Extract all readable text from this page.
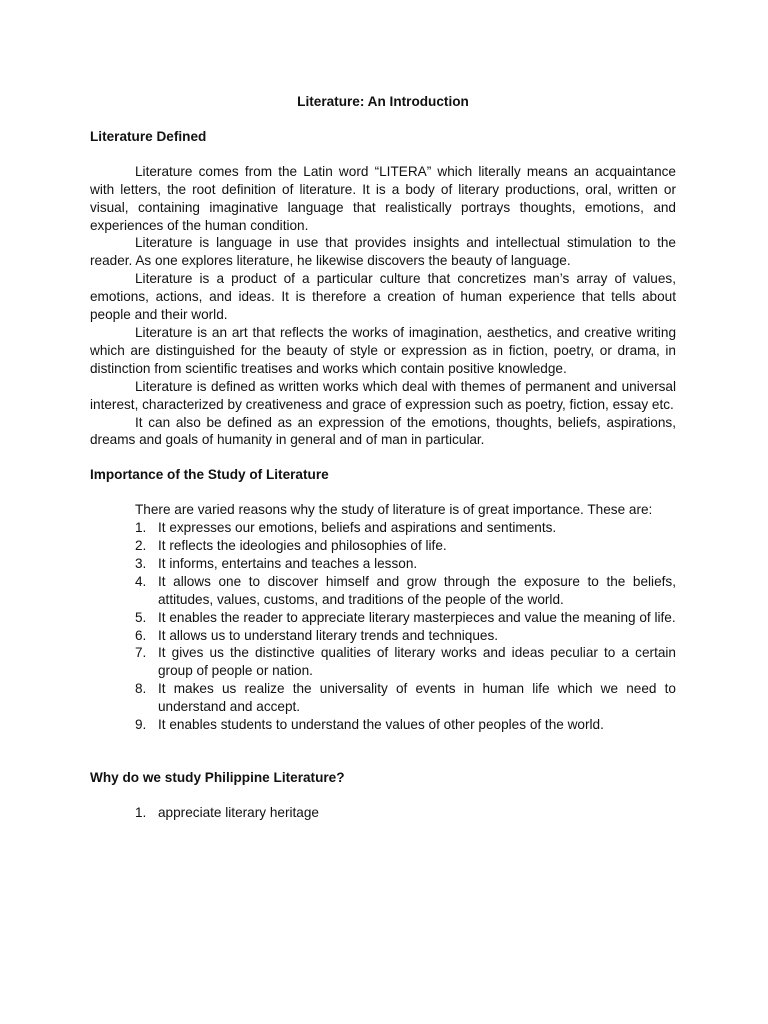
Literature: An Introduction

Literature Defined

Literature comes from the Latin word “LITERA” which literally means an acquaintance with letters, the root definition of literature. It is a body of literary productions, oral, written or visual, containing imaginative language that realistically portrays thoughts, emotions, and experiences of the human condition.

Literature is language in use that provides insights and intellectual stimulation to the reader. As one explores literature, he likewise discovers the beauty of language.

Literature is a product of a particular culture that concretizes man’s array of values, emotions, actions, and ideas. It is therefore a creation of human experience that tells about people and their world.

Literature is an art that reflects the works of imagination, aesthetics, and creative writing which are distinguished for the beauty of style or expression as in fiction, poetry, or drama, in distinction from scientific treatises and works which contain positive knowledge.

Literature is defined as written works which deal with themes of permanent and universal interest, characterized by creativeness and grace of expression such as poetry, fiction, essay etc.

It can also be defined as an expression of the emotions, thoughts, beliefs, aspirations, dreams and goals of humanity in general and of man in particular.

Importance of the Study of Literature

There are varied reasons why the study of literature is of great importance. These are:

1. It expresses our emotions, beliefs and aspirations and sentiments.
2. It reflects the ideologies and philosophies of life.
3. It informs, entertains and teaches a lesson.
4. It allows one to discover himself and grow through the exposure to the beliefs, attitudes, values, customs, and traditions of the people of the world.
5. It enables the reader to appreciate literary masterpieces and value the meaning of life.
6. It allows us to understand literary trends and techniques.
7. It gives us the distinctive qualities of literary works and ideas peculiar to a certain group of people or nation.
8. It makes us realize the universality of events in human life which we need to understand and accept.
9. It enables students to understand the values of other peoples of the world.

Why do we study Philippine Literature?

1. appreciate literary heritage
